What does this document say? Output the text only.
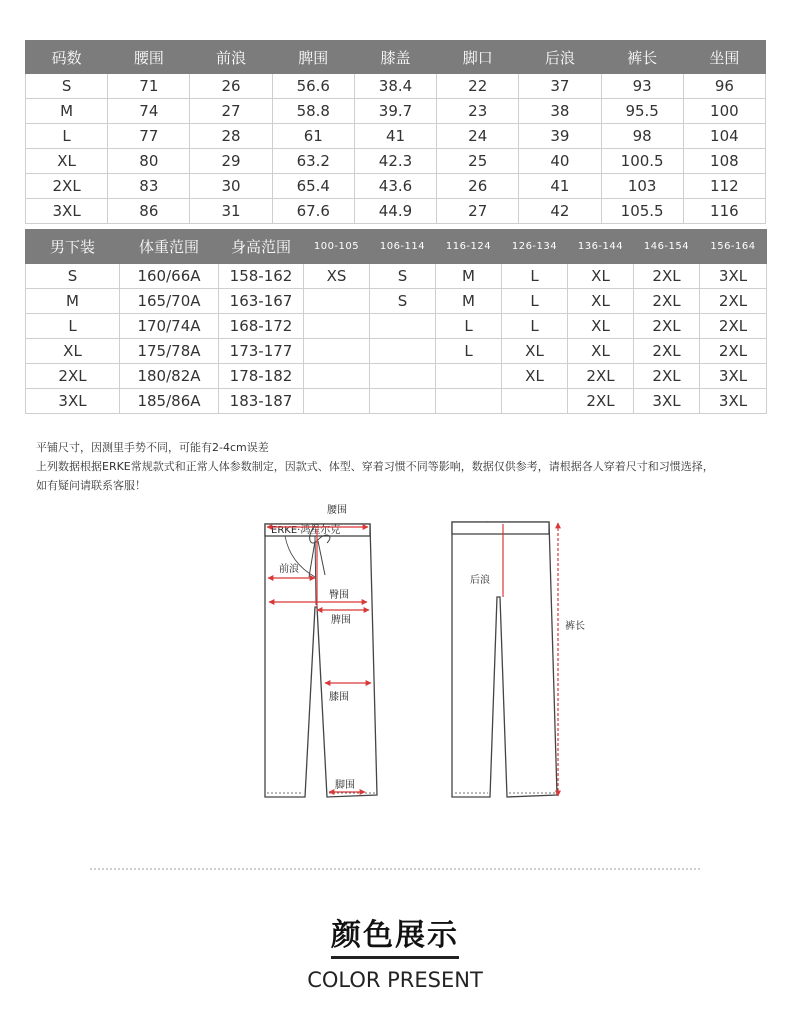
码数	腰围	前浪	脾围	膝盖	脚口	后浪	裤长	坐围
S	71	26	56.6	38.4	22	37	93	96
M	74	27	58.8	39.7	23	38	95.5	100
L	77	28	61	41	24	39	98	104
XL	80	29	63.2	42.3	25	40	100.5	108
2XL	83	30	65.4	43.6	26	41	103	112
3XL	86	31	67.6	44.9	27	42	105.5	116
男下装	体重范围	身高范围	100-105	106-114	116-124	126-134	136-144	146-154	156-164
S	160/66A	158-162	XS	S	M	L	XL	2XL	3XL
M	165/70A	163-167		S	M	L	XL	2XL	2XL
L	170/74A	168-172			L	L	XL	2XL	2XL
XL	175/78A	173-177			L	XL	XL	2XL	2XL
2XL	180/82A	178-182				XL	2XL	2XL	3XL
3XL	185/86A	183-187					2XL	3XL	3XL

平铺尺寸，因测里手势不同，可能有2-4cm误差

上列数据根据ERKE常规款式和正常人体参数制定，因款式、体型、穿着习惯不同等影响，数据仅供参考，请根据各人穿着尺寸和习惯选择，

如有疑问请联系客服！

ERKE·鸿星尔克
腰围
前浪
臀围
脾围
膝围
脚围
后浪
裤长
颜色展示
COLOR PRESENT
